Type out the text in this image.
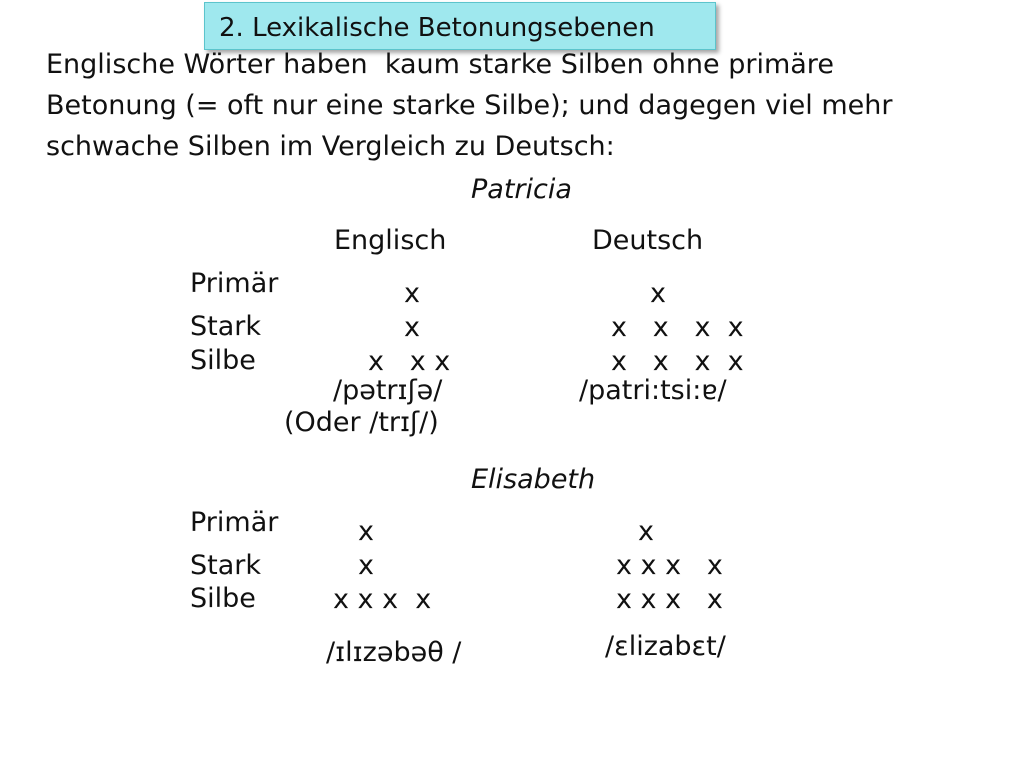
2. Lexikalische Betonungsebenen
Englische Wörter haben  kaum starke Silben ohne primäre
Betonung (= oft nur eine starke Silbe); und dagegen viel mehr
schwache Silben im Vergleich zu Deutsch:
Patricia
Englisch	Deutsch
Primär
Stark
Silbe
x
x
x   x x
x
x   x   x  x
x   x   x  x
/pətrɪʃə/
(Oder /trɪʃ/)
/patri:tsi:ɐ/
Elisabeth
Primär
Stark
Silbe
x
x
x x x  x
x
x x x   x
x x x   x
/ɪlɪzəbəθ /	/ɛlizabɛt/
